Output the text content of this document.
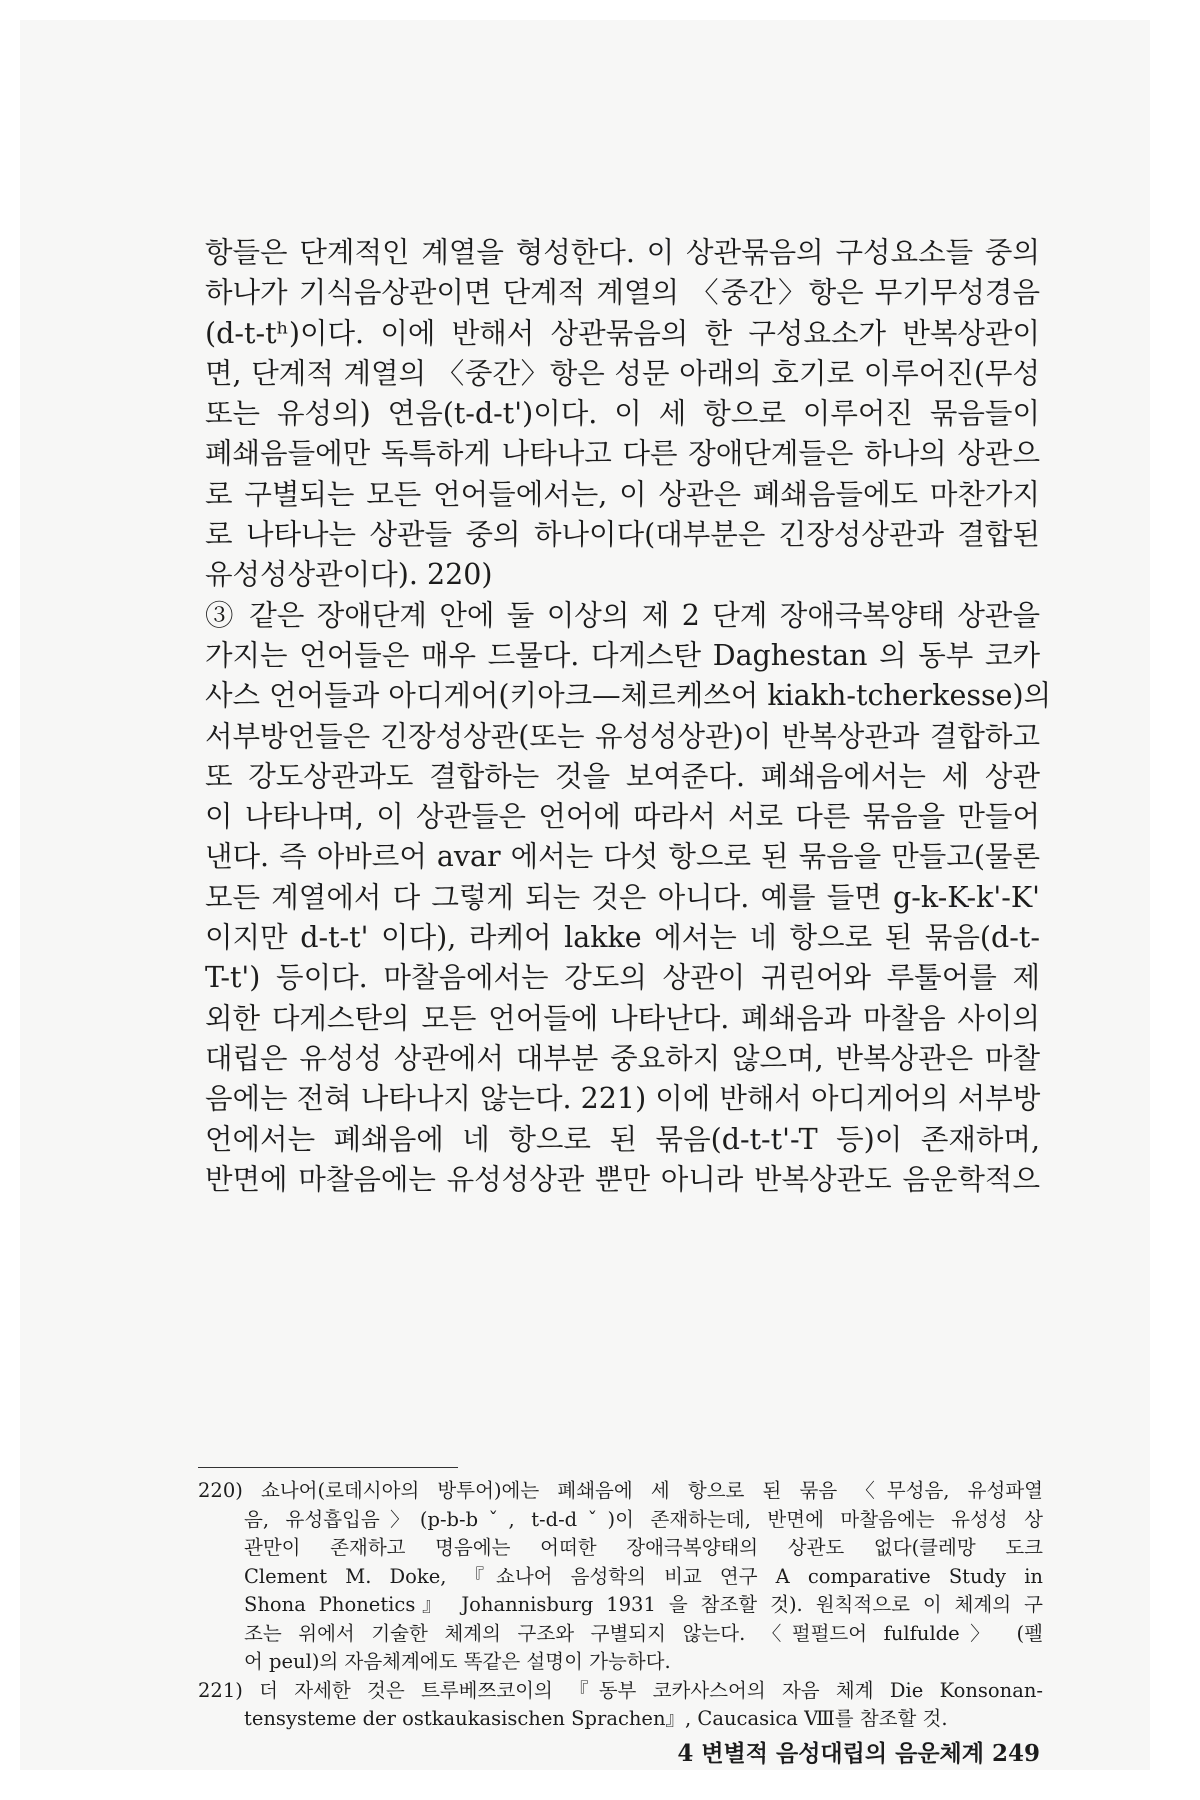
항들은 단계적인 계열을 형성한다. 이 상관묶음의 구성요소들 중의
하나가 기식음상관이면 단계적 계열의 〈중간〉항은 무기무성경음
(d-t-tʰ)이다. 이에 반해서 상관묶음의 한 구성요소가 반복상관이
면, 단계적 계열의 〈중간〉항은 성문 아래의 호기로 이루어진(무성
또는 유성의) 연음(t-d-t')이다. 이 세 항으로 이루어진 묶음들이
폐쇄음들에만 독특하게 나타나고 다른 장애단계들은 하나의 상관으
로 구별되는 모든 언어들에서는, 이 상관은 폐쇄음들에도 마찬가지
로 나타나는 상관들 중의 하나이다(대부분은 긴장성상관과 결합된
유성성상관이다). 220)
③ 같은 장애단계 안에 둘 이상의 제 2 단계 장애극복양태 상관을
가지는 언어들은 매우 드물다. 다게스탄 Daghestan 의 동부 코카
사스 언어들과 아디게어(키아크—체르케쓰어 kiakh-tcherkesse)의
서부방언들은 긴장성상관(또는 유성성상관)이 반복상관과 결합하고
또 강도상관과도 결합하는 것을 보여준다. 폐쇄음에서는 세 상관
이 나타나며, 이 상관들은 언어에 따라서 서로 다른 묶음을 만들어
낸다. 즉 아바르어 avar 에서는 다섯 항으로 된 묶음을 만들고(물론
모든 계열에서 다 그렇게 되는 것은 아니다. 예를 들면 g-k-K-k'-K'
이지만 d-t-t' 이다), 라케어 lakke 에서는 네 항으로 된 묶음(d-t-
T-t') 등이다. 마찰음에서는 강도의 상관이 귀린어와 루툴어를 제
외한 다게스탄의 모든 언어들에 나타난다. 폐쇄음과 마찰음 사이의
대립은 유성성 상관에서 대부분 중요하지 않으며, 반복상관은 마찰
음에는 전혀 나타나지 않는다. 221) 이에 반해서 아디게어의 서부방
언에서는 폐쇄음에 네 항으로 된 묶음(d-t-t'-T 등)이 존재하며,
반면에 마찰음에는 유성성상관 뿐만 아니라 반복상관도 음운학적으
220) 쇼나어(로데시아의 방투어)에는 폐쇄음에 세 항으로 된 묶음 〈무성음, 유성파열
음, 유성흡입음〉(p-b-bˇ, t-d-dˇ)이 존재하는데, 반면에 마찰음에는 유성성 상
관만이 존재하고 명음에는 어떠한 장애극복양태의 상관도 없다(클레망 도크
Clement M. Doke, 『쇼나어 음성학의 비교 연구 A comparative Study in
Shona Phonetics』 Johannisburg 1931 을 참조할 것). 원칙적으로 이 체계의 구
조는 위에서 기술한 체계의 구조와 구별되지 않는다. 〈펄펄드어 fulfulde〉 (펠
어 peul)의 자음체계에도 똑같은 설명이 가능하다.
221) 더 자세한 것은 트루베쯔코이의 『동부 코카사스어의 자음 체계 Die Konsonan-
tensysteme der ostkaukasischen Sprachen』, Caucasica Ⅷ를 참조할 것.
4 변별적 음성대립의 음운체계 249
